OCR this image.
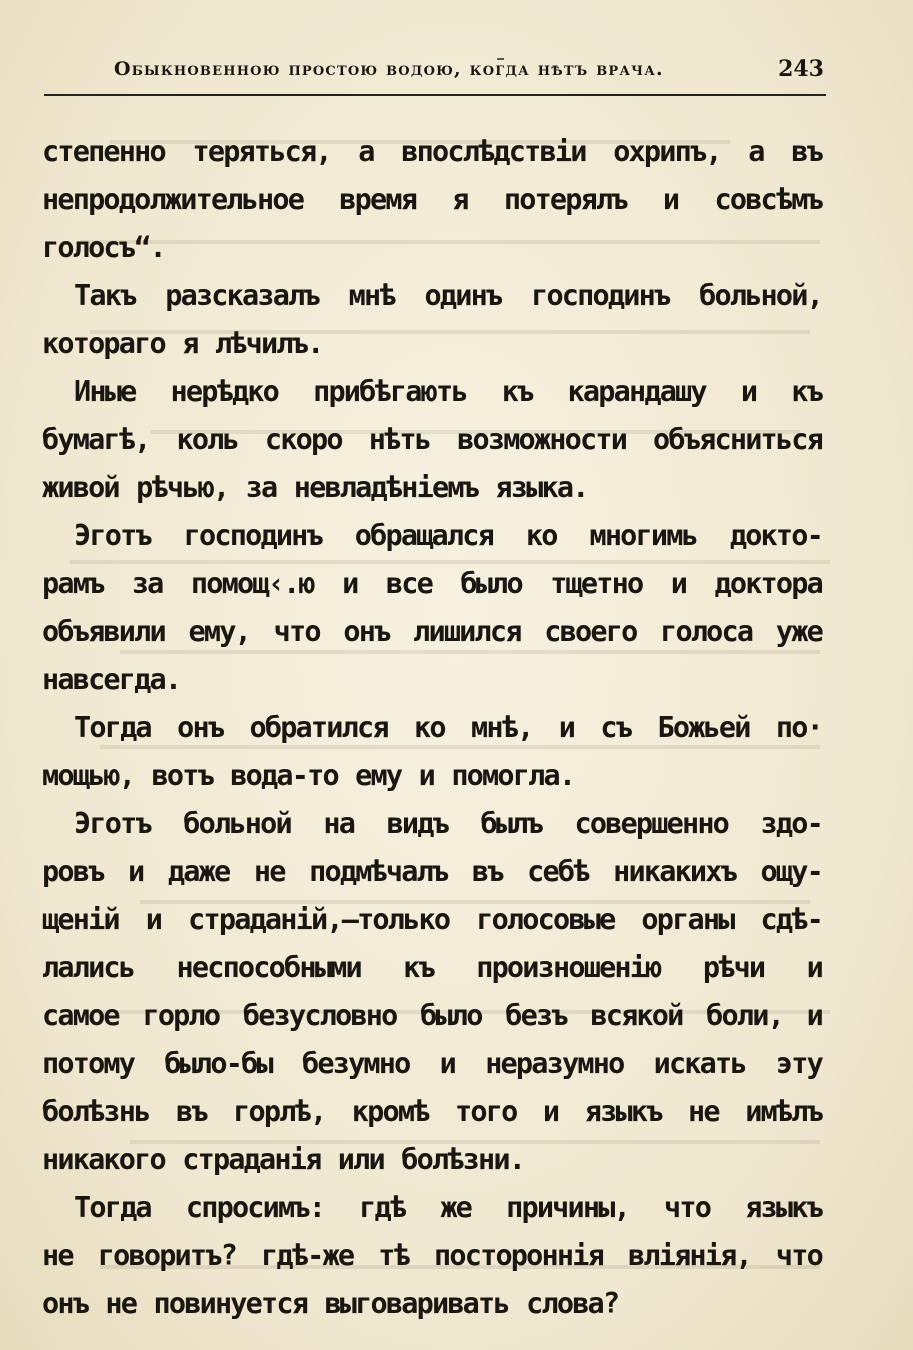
Обыкновенною простою водою, когда нѣтъ врача.	243
степенно теряться, а впослѣдствіи охрипъ, а въ
непродолжительное время я потерялъ и совсѣмъ
голосъ“.
Такъ разсказалъ мнѣ одинъ господинъ больной,
котораго я лѣчилъ.
Иные нерѣдко прибѣгають къ карандашу и къ
бумагѣ, коль скоро нѣть возможности объясниться
живой рѣчью, за невладѣніемъ языка.
Эготъ господинъ обращался ко многимь докто-
рамъ за помощ‹.ю и все было тщетно и доктора
объявили ему, что онъ лишился своего голоса уже
навсегда.
Тогда онъ обратился ко мнѣ, и съ Божьей по·
мощью, вотъ вода-то ему и помогла.
Эготъ больной на видъ былъ совершенно здо-
ровъ и даже не подмѣчалъ въ себѣ никакихъ ощу-
щеній и страданій,—только голосовые органы сдѣ-
лались неспособными къ произношенію рѣчи и
самое горло безусловно было безъ всякой боли, и
потому было-бы безумно и неразумно искать эту
болѣзнь въ горлѣ, кромѣ того и языкъ не имѣлъ
никакого страданія или болѣзни.
Тогда спросимъ: гдѣ же причины, что языкъ
не говоритъ? гдѣ-же тѣ постороннія вліянія, что
онъ не повинуется выговаривать слова?
